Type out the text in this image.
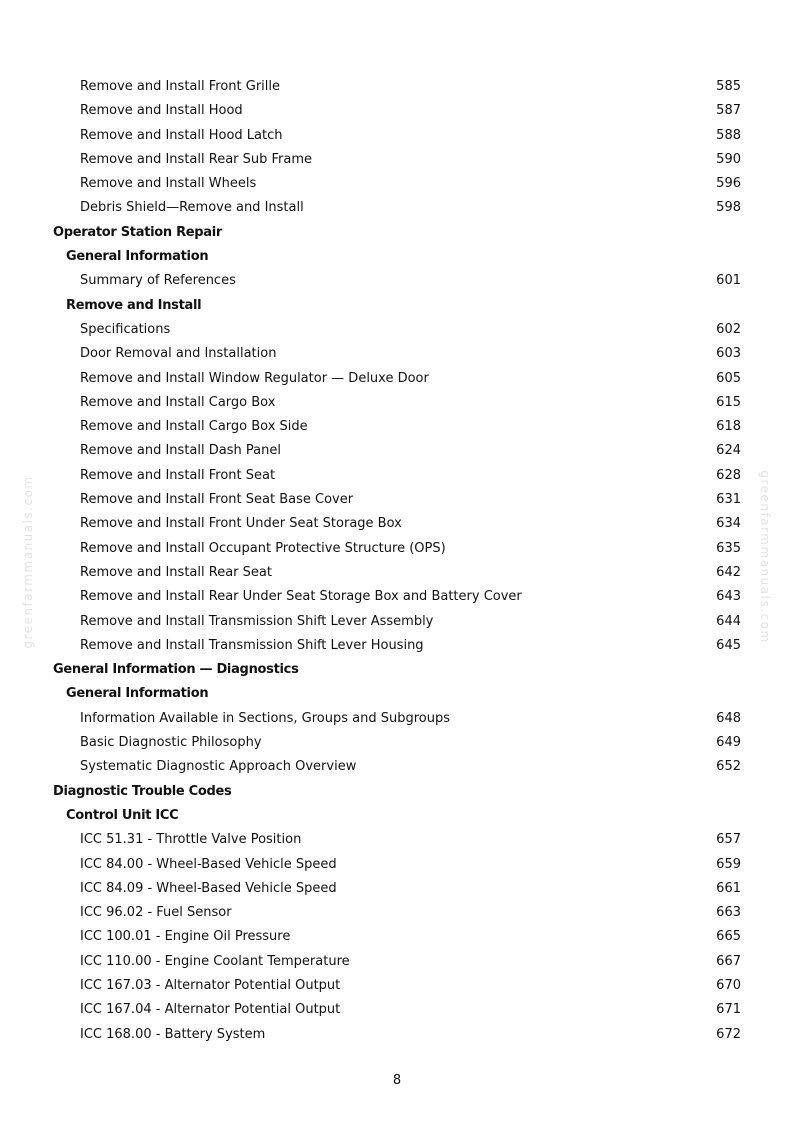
greenfarmmanuals.com	greenfarmmanuals.com
Remove and Install Front Grille	585
Remove and Install Hood	587
Remove and Install Hood Latch	588
Remove and Install Rear Sub Frame	590
Remove and Install Wheels	596
Debris Shield—Remove and Install	598
Operator Station Repair
General Information
Summary of References	601
Remove and Install
Specifications	602
Door Removal and Installation	603
Remove and Install Window Regulator — Deluxe Door	605
Remove and Install Cargo Box	615
Remove and Install Cargo Box Side	618
Remove and Install Dash Panel	624
Remove and Install Front Seat	628
Remove and Install Front Seat Base Cover	631
Remove and Install Front Under Seat Storage Box	634
Remove and Install Occupant Protective Structure (OPS)	635
Remove and Install Rear Seat	642
Remove and Install Rear Under Seat Storage Box and Battery Cover	643
Remove and Install Transmission Shift Lever Assembly	644
Remove and Install Transmission Shift Lever Housing	645
General Information — Diagnostics
General Information
Information Available in Sections, Groups and Subgroups	648
Basic Diagnostic Philosophy	649
Systematic Diagnostic Approach Overview	652
Diagnostic Trouble Codes
Control Unit ICC
ICC 51.31 - Throttle Valve Position	657
ICC 84.00 - Wheel-Based Vehicle Speed	659
ICC 84.09 - Wheel-Based Vehicle Speed	661
ICC 96.02 - Fuel Sensor	663
ICC 100.01 - Engine Oil Pressure	665
ICC 110.00 - Engine Coolant Temperature	667
ICC 167.03 - Alternator Potential Output	670
ICC 167.04 - Alternator Potential Output	671
ICC 168.00 - Battery System	672
8
